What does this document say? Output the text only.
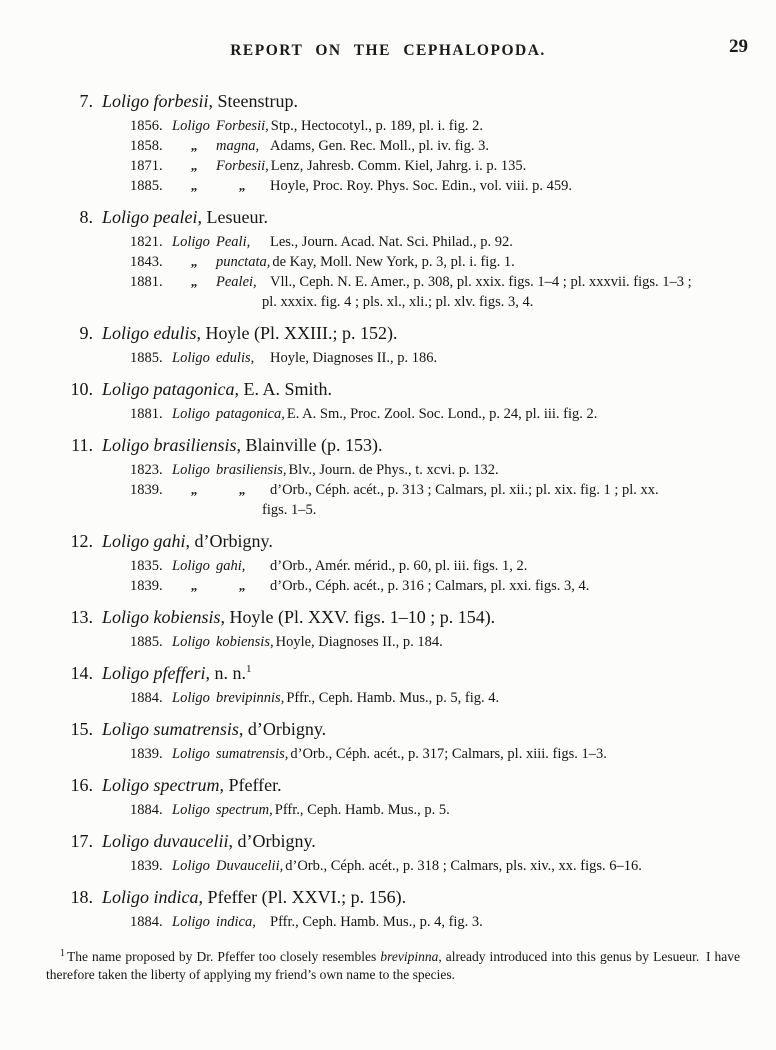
REPORT ON THE CEPHALOPODA.	29
7. Loligo forbesii, Steenstrup.
1856. Loligo Forbesii, Stp., Hectocotyl., p. 189, pl. i. fig. 2.
1858. „ magna, Adams, Gen. Rec. Moll., pl. iv. fig. 3.
1871. „ Forbesii, Lenz, Jahresb. Comm. Kiel, Jahrg. i. p. 135.
1885. „	„ Hoyle, Proc. Roy. Phys. Soc. Edin., vol. viii. p. 459.
8. Loligo pealei, Lesueur.
1821. Loligo Peali, Les., Journ. Acad. Nat. Sci. Philad., p. 92.
1843. „ punctata, de Kay, Moll. New York, p. 3, pl. i. fig. 1.
1881. „ Pealei, Vll., Ceph. N. E. Amer., p. 308, pl. xxix. figs. 1–4 ; pl. xxxvii. figs. 1–3 ;
pl. xxxix. fig. 4 ; pls. xl., xli.; pl. xlv. figs. 3, 4.
9. Loligo edulis, Hoyle (Pl. XXIII.; p. 152).
1885. Loligo edulis, Hoyle, Diagnoses II., p. 186.
10. Loligo patagonica, E. A. Smith.
1881. Loligo patagonica, E. A. Sm., Proc. Zool. Soc. Lond., p. 24, pl. iii. fig. 2.
11. Loligo brasiliensis, Blainville (p. 153).
1823. Loligo brasiliensis, Blv., Journ. de Phys., t. xcvi. p. 132.
1839. „	„ d’Orb., Céph. acét., p. 313 ; Calmars, pl. xii.; pl. xix. fig. 1 ; pl. xx.
figs. 1–5.
12. Loligo gahi, d’Orbigny.
1835. Loligo gahi, d’Orb., Amér. mérid., p. 60, pl. iii. figs. 1, 2.
1839. „	„ d’Orb., Céph. acét., p. 316 ; Calmars, pl. xxi. figs. 3, 4.
13. Loligo kobiensis, Hoyle (Pl. XXV. figs. 1–10 ; p. 154).
1885. Loligo kobiensis, Hoyle, Diagnoses II., p. 184.
14. Loligo pfefferi, n. n.$^1$
1884. Loligo brevipinnis, Pffr., Ceph. Hamb. Mus., p. 5, fig. 4.
15. Loligo sumatrensis, d’Orbigny.
1839. Loligo sumatrensis, d’Orb., Céph. acét., p. 317; Calmars, pl. xiii. figs. 1–3.
16. Loligo spectrum, Pfeffer.
1884. Loligo spectrum, Pffr., Ceph. Hamb. Mus., p. 5.
17. Loligo duvaucelii, d’Orbigny.
1839. Loligo Duvaucelii, d’Orb., Céph. acét., p. 318 ; Calmars, pls. xiv., xx. figs. 6–16.
18. Loligo indica, Pfeffer (Pl. XXVI.; p. 156).
1884. Loligo indica, Pffr., Ceph. Hamb. Mus., p. 4, fig. 3.

$^1$ The name proposed by Dr. Pfeffer too closely resembles brevipinna, already introduced into this genus by Lesueur. I have therefore taken the liberty of applying my friend’s own name to the species.
